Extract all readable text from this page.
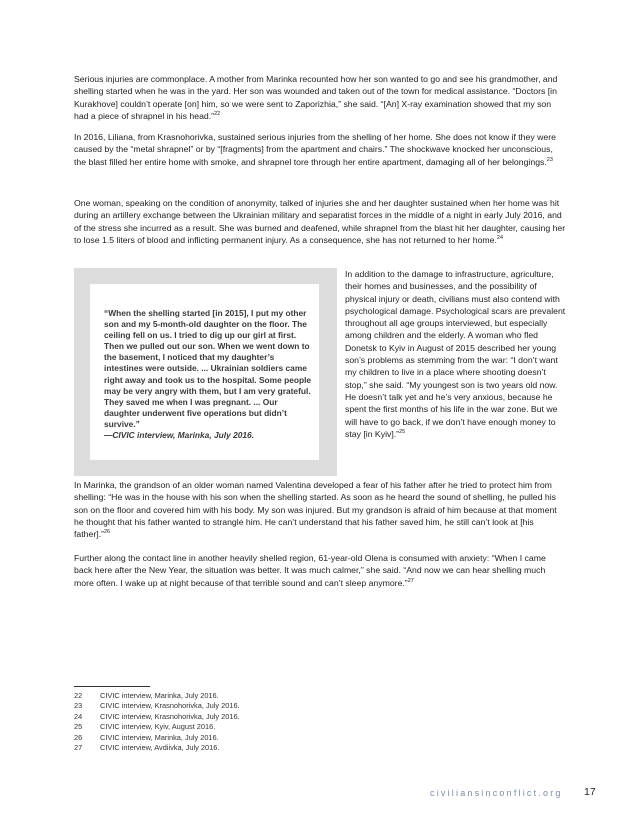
Serious injuries are commonplace. A mother from Marinka recounted how her son wanted to go and see his grandmother, and shelling started when he was in the yard. Her son was wounded and taken out of the town for medical assistance. “Doctors [in Kurakhove] couldn’t operate [on] him, so we were sent to Zaporizhia,” she said. “[An] X-ray examination showed that my son had a piece of shrapnel in his head.”$^{22}$

In 2016, Liliana, from Krasnohorivka, sustained serious injuries from the shelling of her home. She does not know if they were caused by the “metal shrapnel” or by “[fragments] from the apartment and chairs.” The shockwave knocked her unconscious, the blast filled her entire home with smoke, and shrapnel tore through her entire apartment, damaging all of her belongings.$^{23}$

One woman, speaking on the condition of anonymity, talked of injuries she and her daughter sustained when her home was hit during an artillery exchange between the Ukrainian military and separatist forces in the middle of a night in early July 2016, and of the stress she incurred as a result. She was burned and deafened, while shrapnel from the blast hit her daughter, causing her to lose 1.5 liters of blood and inflicting permanent injury. As a consequence, she has not returned to her home.$^{24}$

“When the shelling started [in 2015], I put my other son and my 5-month-old daughter on the floor. The ceiling fell on us. I tried to dig up our girl at first. Then we pulled out our son. When we went down to the basement, I noticed that my daughter’s intestines were outside. ... Ukrainian soldiers came right away and took us to the hospital. Some people may be very angry with them, but I am very grateful. They saved me when I was pregnant. ... Our daughter underwent five operations but didn’t survive.”
—CIVIC interview, Marinka, July 2016.

In addition to the damage to infrastructure, agriculture, their homes and businesses, and the possibility of physical injury or death, civilians must also contend with psychological damage. Psychological scars are prevalent throughout all age groups interviewed, but especially among children and the elderly. A woman who fled Donetsk to Kyiv in August of 2015 described her young son’s problems as stemming from the war: “I don’t want my children to live in a place where shooting doesn’t stop,” she said. “My youngest son is two years old now. He doesn’t talk yet and he’s very anxious, because he spent the first months of his life in the war zone. But we will have to go back, if we don’t have enough money to stay [in Kyiv].”$^{25}$

In Marinka, the grandson of an older woman named Valentina developed a fear of his father after he tried to protect him from shelling: “He was in the house with his son when the shelling started. As soon as he heard the sound of shelling, he pulled his son on the floor and covered him with his body. My son was injured. But my grandson is afraid of him because at that moment he thought that his father wanted to strangle him. He can’t understand that his father saved him, he still can’t look at [his father].”$^{26}$

Further along the contact line in another heavily shelled region, 61-year-old Olena is consumed with anxiety: “When I came back here after the New Year, the situation was better. It was much calmer,” she said. “And now we can hear shelling much more often. I wake up at night because of that terrible sound and can’t sleep anymore.”$^{27}$

22	CIVIC interview, Marinka, July 2016.
23	CIVIC interview, Krasnohorivka, July 2016.
24	CIVIC interview, Krasnohorivka, July 2016.
25	CIVIC interview, Kyiv, August 2016.
26	CIVIC interview, Marinka, July 2016.
27	CIVIC interview, Avdiivka, July 2016.
civiliansinconflict.org 17
